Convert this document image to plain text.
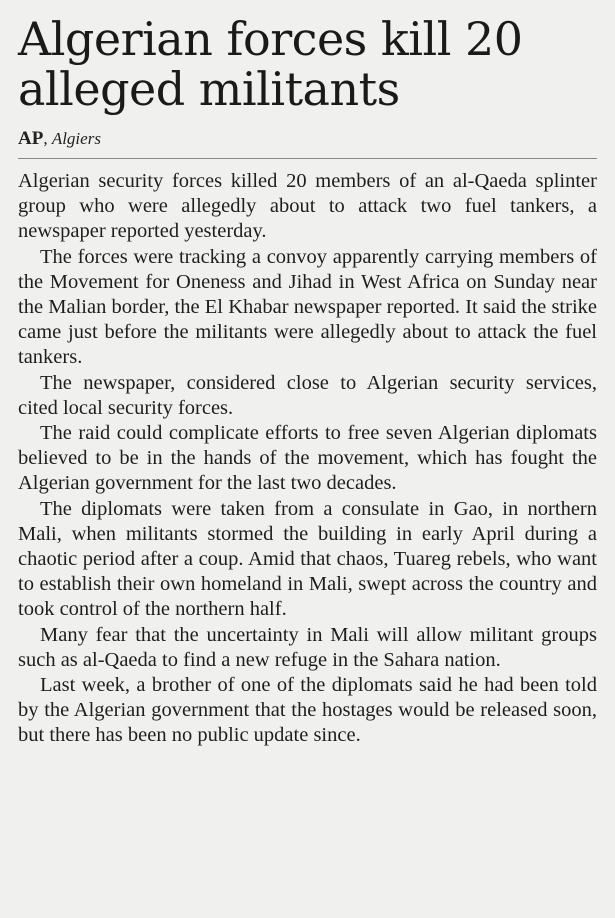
Algerian forces kill 20 alleged militants
AP, Algiers

Algerian security forces killed 20 members of an al-Qaeda splinter group who were allegedly about to attack two fuel tankers, a newspaper reported yesterday.

The forces were tracking a convoy apparently carrying members of the Movement for Oneness and Jihad in West Africa on Sunday near the Malian border, the El Khabar newspaper reported. It said the strike came just before the militants were allegedly about to attack the fuel tankers.

The newspaper, considered close to Algerian security services, cited local security forces.

The raid could complicate efforts to free seven Algerian diplomats believed to be in the hands of the movement, which has fought the Algerian government for the last two decades.

The diplomats were taken from a consulate in Gao, in northern Mali, when militants stormed the building in early April during a chaotic period after a coup. Amid that chaos, Tuareg rebels, who want to establish their own homeland in Mali, swept across the country and took control of the northern half.

Many fear that the uncertainty in Mali will allow militant groups such as al-Qaeda to find a new refuge in the Sahara nation.

Last week, a brother of one of the diplomats said he had been told by the Algerian government that the hostages would be released soon, but there has been no public update since.
